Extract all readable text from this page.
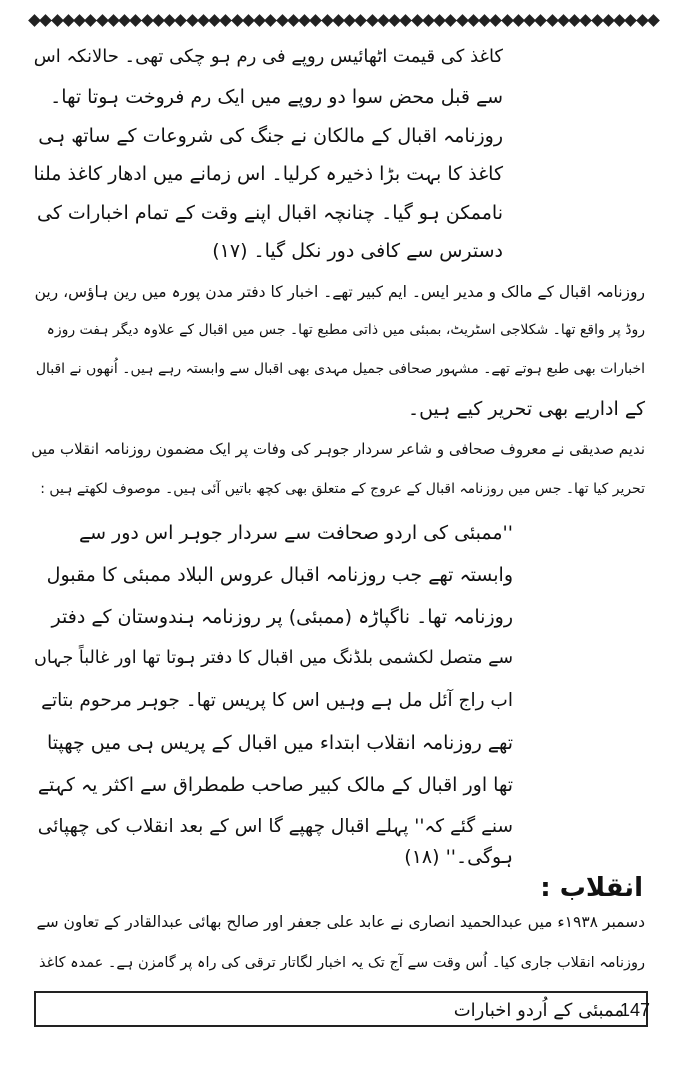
کاغذ کی قیمت اٹھائیس روپے فی رم ہو چکی تھی۔ حالانکہ اس
سے قبل محض سوا دو روپے میں ایک رم فروخت ہوتا تھا۔
روزنامہ اقبال کے مالکان نے جنگ کی شروعات کے ساتھ ہی
کاغذ کا بہت بڑا ذخیرہ کرلیا۔ اس زمانے میں ادھار کاغذ ملنا
ناممکن ہو گیا۔ چنانچہ اقبال اپنے وقت کے تمام اخبارات کی
دسترس سے کافی دور نکل گیا۔ (۱۷)
روزنامہ اقبال کے مالک و مدیر ایس۔ ایم کبیر تھے۔ اخبار کا دفتر مدن پورہ میں رین ہاؤس، رین
روڈ پر واقع تھا۔ شکلاجی اسٹریٹ، بمبئی میں ذاتی مطبع تھا۔ جس میں اقبال کے علاوہ دیگر ہفت روزہ
اخبارات بھی طبع ہوتے تھے۔ مشہور صحافی جمیل مہدی بھی اقبال سے وابستہ رہے ہیں۔ اُنھوں نے اقبال
کے اداریے بھی تحریر کیے ہیں۔
ندیم صدیقی نے معروف صحافی و شاعر سردار جوہر کی وفات پر ایک مضمون روزنامہ انقلاب میں
تحریر کیا تھا۔ جس میں روزنامہ اقبال کے عروج کے متعلق بھی کچھ باتیں آئی ہیں۔ موصوف لکھتے ہیں :
''ممبئی کی اردو صحافت سے سردار جوہر اس دور سے
وابستہ تھے جب روزنامہ اقبال عروس البلاد ممبئی کا مقبول
روزنامہ تھا۔ ناگپاڑہ (ممبئی) پر روزنامہ ہندوستان کے دفتر
سے متصل لکشمی بلڈنگ میں اقبال کا دفتر ہوتا تھا اور غالباً جہاں
اب راج آئل مل ہے وہیں اس کا پریس تھا۔ جوہر مرحوم بتاتے
تھے روزنامہ انقلاب ابتداء میں اقبال کے پریس ہی میں چھپتا
تھا اور اقبال کے مالک کبیر صاحب طمطراق سے اکثر یہ کہتے
سنے گئے کہ'' پہلے اقبال چھپے گا اس کے بعد انقلاب کی چھپائی
ہوگی۔'' (۱۸)
انقلاب :
دسمبر ۱۹۳۸ء میں عبدالحمید انصاری نے عابد علی جعفر اور صالح بھائی عبدالقادر کے تعاون سے
روزنامہ انقلاب جاری کیا۔ اُس وقت سے آج تک یہ اخبار لگاتار ترقی کی راہ پر گامزن ہے۔ عمدہ کاغذ
ممبئی کے اُردو اخبارات
147
